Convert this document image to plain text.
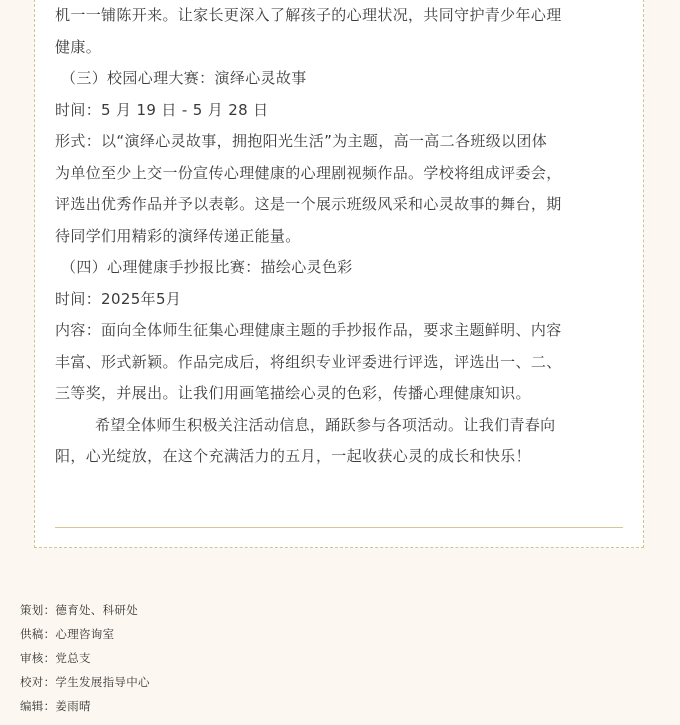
机一一铺陈开来。让家长更深入了解孩子的心理状况，共同守护青少年心理
健康。
（三）校园心理大赛：演绎心灵故事
时间：5 月 19 日 - 5 月 28 日
形式：以“演绎心灵故事，拥抱阳光生活”为主题，高一高二各班级以团体
为单位至少上交一份宣传心理健康的心理剧视频作品。学校将组成评委会，
评选出优秀作品并予以表彰。这是一个展示班级风采和心灵故事的舞台，期
待同学们用精彩的演绎传递正能量。
（四）心理健康手抄报比赛：描绘心灵色彩
时间：2025年5月
内容：面向全体师生征集心理健康主题的手抄报作品，要求主题鲜明、内容
丰富、形式新颖。作品完成后，将组织专业评委进行评选，评选出一、二、
三等奖，并展出。让我们用画笔描绘心灵的色彩，传播心理健康知识。
希望全体师生积极关注活动信息，踊跃参与各项活动。让我们青春向
阳，心光绽放，在这个充满活力的五月，一起收获心灵的成长和快乐！
策划：德育处、科研处
供稿：心理咨询室
审核：党总支
校对：学生发展指导中心
编辑：姜雨晴
